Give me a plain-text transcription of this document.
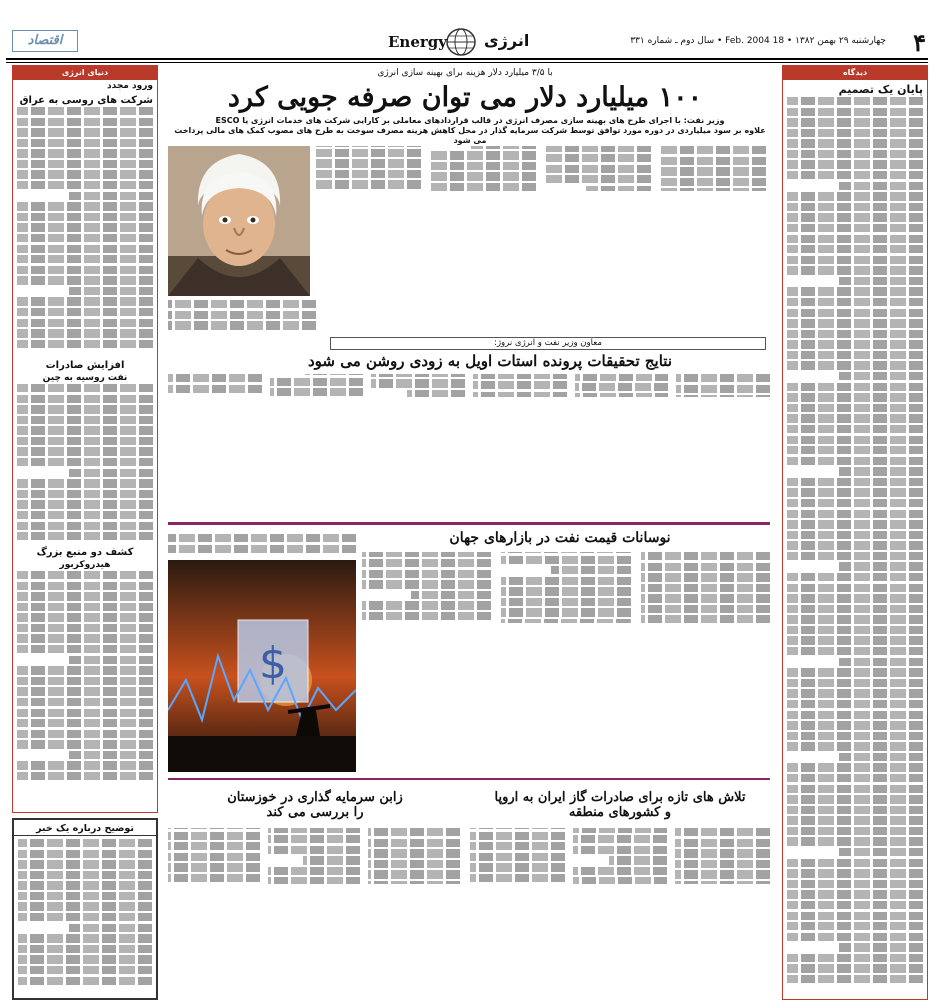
۴
چهارشنبه ۲۹ بهمن ۱۳۸۲ • 18 Feb. 2004 • سال دوم ـ شماره ۳۳۱
انرژی
Energy
اقتصاد
دیدگاه
پایان یک تصمیم
دنیای انرژی
ورود مجدد
شرکت های روسی به عراق
افزایش صادرات
نفت روسیه به چین
کشف دو منبع بزرگ
هیدروکربور
با ۳/۵ میلیارد دلار هزینه برای بهینه سازی انرژی
۱۰۰ میلیارد دلار می توان صرفه جویی کرد
وزیر نفت: با اجرای طرح های بهینه سازی مصرف انرژی در قالب قراردادهای معاملی بر کارایی شرکت های خدمات انرژی یا ESCO
علاوه بر سود میلیاردی در دوره مورد توافق توسط شرکت سرمایه گذار در محل کاهش هزینه مصرف سوخت به طرح های مصوب کمک های مالی پرداخت می شود
معاون وزیر نفت و انرژی نروژ:
نتایج تحقیقات پرونده استات اویل به زودی روشن می شود
نوسانات قیمت نفت در بازارهای جهان
$
تلاش های تازه برای صادرات گاز ایران به اروپا
و کشورهای منطقه
زابن سرمایه گذاری در خوزستان
را بررسی می کند
توضیح درباره یک خبر
